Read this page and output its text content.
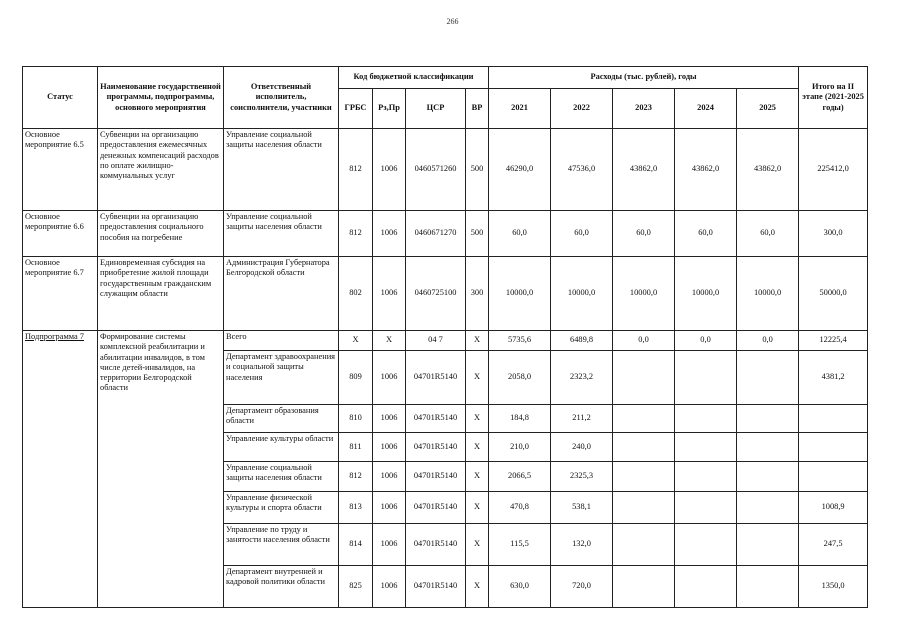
266
Статус	Наименование государственной программы, подпрограммы, основного мероприятия	Ответственный исполнитель, соисполнители, участники	Код бюджетной классификации				Расходы (тыс. рублей), годы					Итого на II этапе (2021-2025 годы)
			ГРБС	Рз,Пр	ЦСР	ВР	2021	2022	2023	2024	2025	
Основное мероприятие 6.5	Субвенции на организацию предоставления ежемесячных денежных компенсаций расходов по оплате жилищно-коммунальных услуг	Управление социальной защиты населения области	812	1006	0460571260	500	46290,0	47536,0	43862,0	43862,0	43862,0	225412,0
Основное мероприятие 6.6	Субвенции на организацию предоставления социального пособия на погребение	Управление социальной защиты населения области	812	1006	0460671270	500	60,0	60,0	60,0	60,0	60,0	300,0
Основное мероприятие 6.7	Единовременная субсидия на приобретение жилой площади государственным гражданским служащим области	Администрация Губернатора Белгородской области	802	1006	0460725100	300	10000,0	10000,0	10000,0	10000,0	10000,0	50000,0
Подпрограмма 7	Формирование системы комплексной реабилитации и абилитации инвалидов, в том числе детей-инвалидов, на территории Белгородской области	Всего	X	X	04 7	X	5735,6	6489,8	0,0	0,0	0,0	12225,4
		Департамент здравоохранения и социальной защиты населения	809	1006	04701R5140	X	2058,0	2323,2				4381,2
		Департамент образования области	810	1006	04701R5140	X	184,8	211,2				
		Управление культуры области	811	1006	04701R5140	X	210,0	240,0				
		Управление социальной защиты населения области	812	1006	04701R5140	X	2066,5	2325,3				
		Управление физической культуры и спорта области	813	1006	04701R5140	X	470,8	538,1				1008,9
		Управление по труду и занятости населения области	814	1006	04701R5140	X	115,5	132,0				247,5
		Департамент внутренней и кадровой политики области	825	1006	04701R5140	X	630,0	720,0				1350,0
